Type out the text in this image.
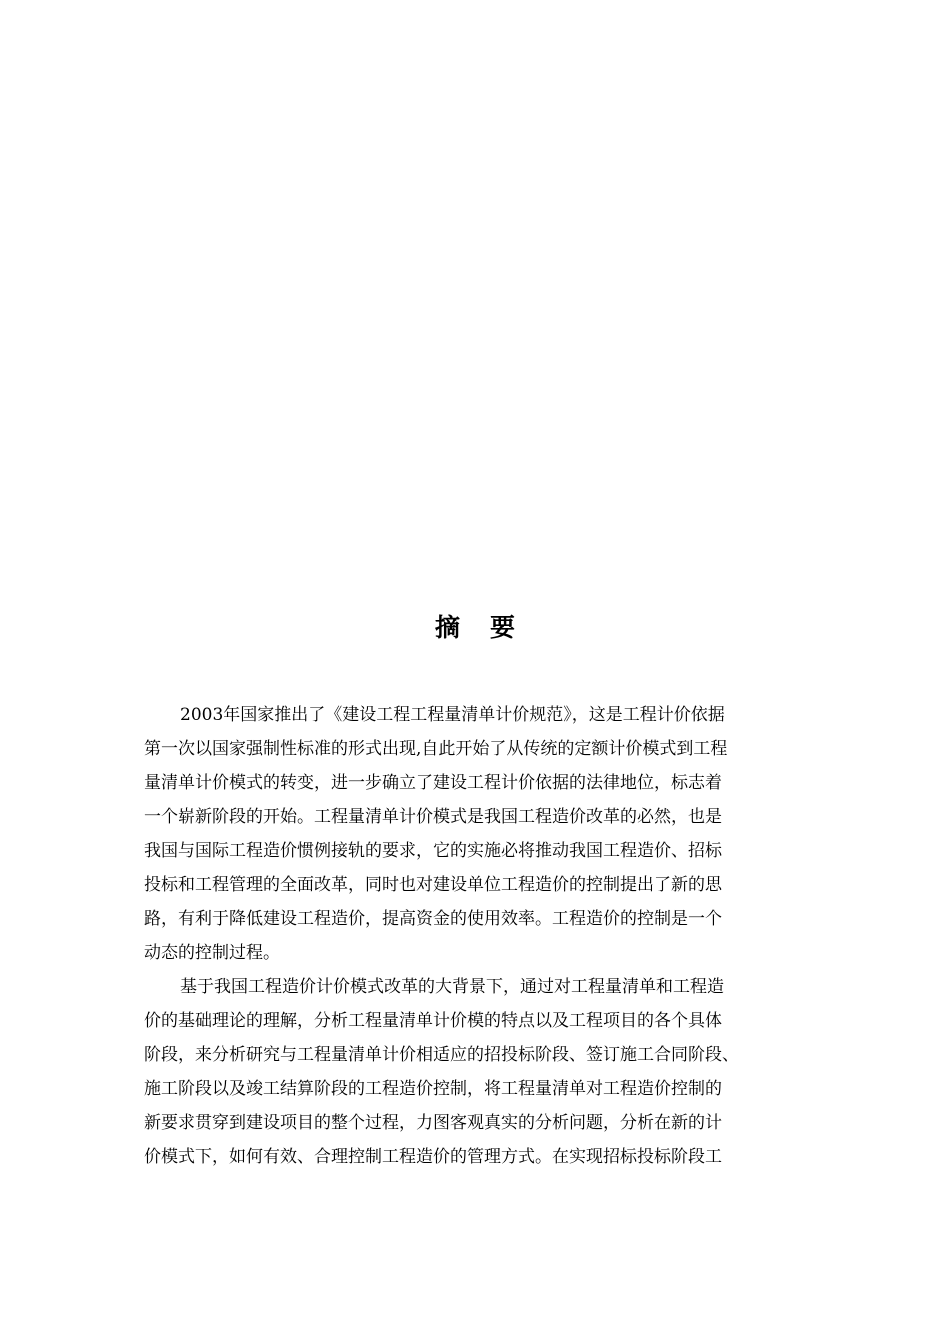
摘 要
2003年国家推出了《建设工程工程量清单计价规范》，这是工程计价依据
第一次以国家强制性标准的形式出现,自此开始了从传统的定额计价模式到工程
量清单计价模式的转变，进一步确立了建设工程计价依据的法律地位，标志着
一个崭新阶段的开始。工程量清单计价模式是我国工程造价改革的必然，也是
我国与国际工程造价惯例接轨的要求，它的实施必将推动我国工程造价、招标
投标和工程管理的全面改革，同时也对建设单位工程造价的控制提出了新的思
路，有利于降低建设工程造价，提高资金的使用效率。工程造价的控制是一个
动态的控制过程。
基于我国工程造价计价模式改革的大背景下，通过对工程量清单和工程造
价的基础理论的理解，分析工程量清单计价模的特点以及工程项目的各个具体
阶段，来分析研究与工程量清单计价相适应的招投标阶段、签订施工合同阶段、
施工阶段以及竣工结算阶段的工程造价控制，将工程量清单对工程造价控制的
新要求贯穿到建设项目的整个过程，力图客观真实的分析问题，分析在新的计
价模式下，如何有效、合理控制工程造价的管理方式。在实现招标投标阶段工
